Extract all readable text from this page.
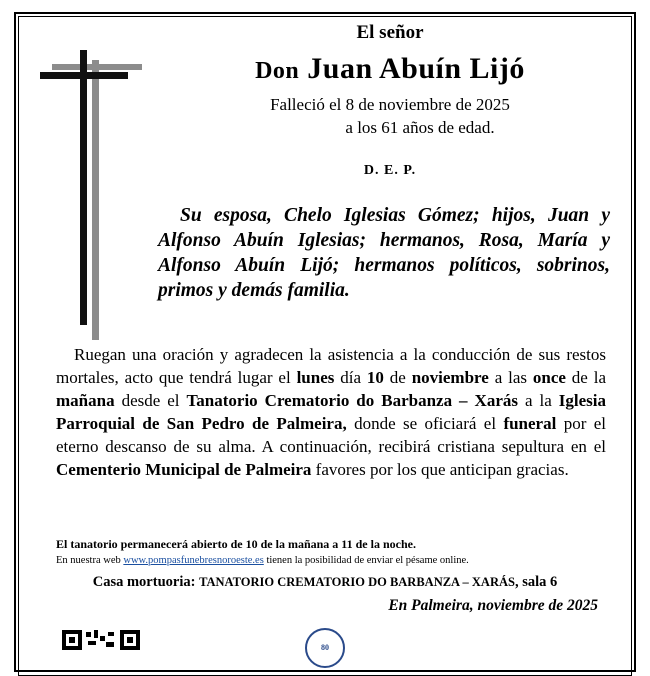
El señor
Don Juan Abuín Lijó
Falleció el 8 de noviembre de 2025
a los 61 años de edad.
D. E. P.
Su esposa, Chelo Iglesias Gómez; hijos, Juan y Alfonso Abuín Iglesias; hermanos, Rosa, María y Alfonso Abuín Lijó; hermanos políticos, sobrinos, primos y demás familia.
Ruegan una oración y agradecen la asistencia a la conducción de sus restos mortales, acto que tendrá lugar el lunes día 10 de noviembre a las once de la mañana desde el Tanatorio Crematorio do Barbanza – Xarás a la Iglesia Parroquial de San Pedro de Palmeira, donde se oficiará el funeral por el eterno descanso de su alma. A continuación, recibirá cristiana sepultura en el Cementerio Municipal de Palmeira favores por los que anticipan gracias.
El tanatorio permanecerá abierto de 10 de la mañana a 11 de la noche.
En nuestra web www.pompasfunebresnoroeste.es tienen la posibilidad de enviar el pésame online.
Casa mortuoria: TANATORIO CREMATORIO DO BARBANZA – XARÁS, sala 6
En Palmeira, noviembre de 2025
80
